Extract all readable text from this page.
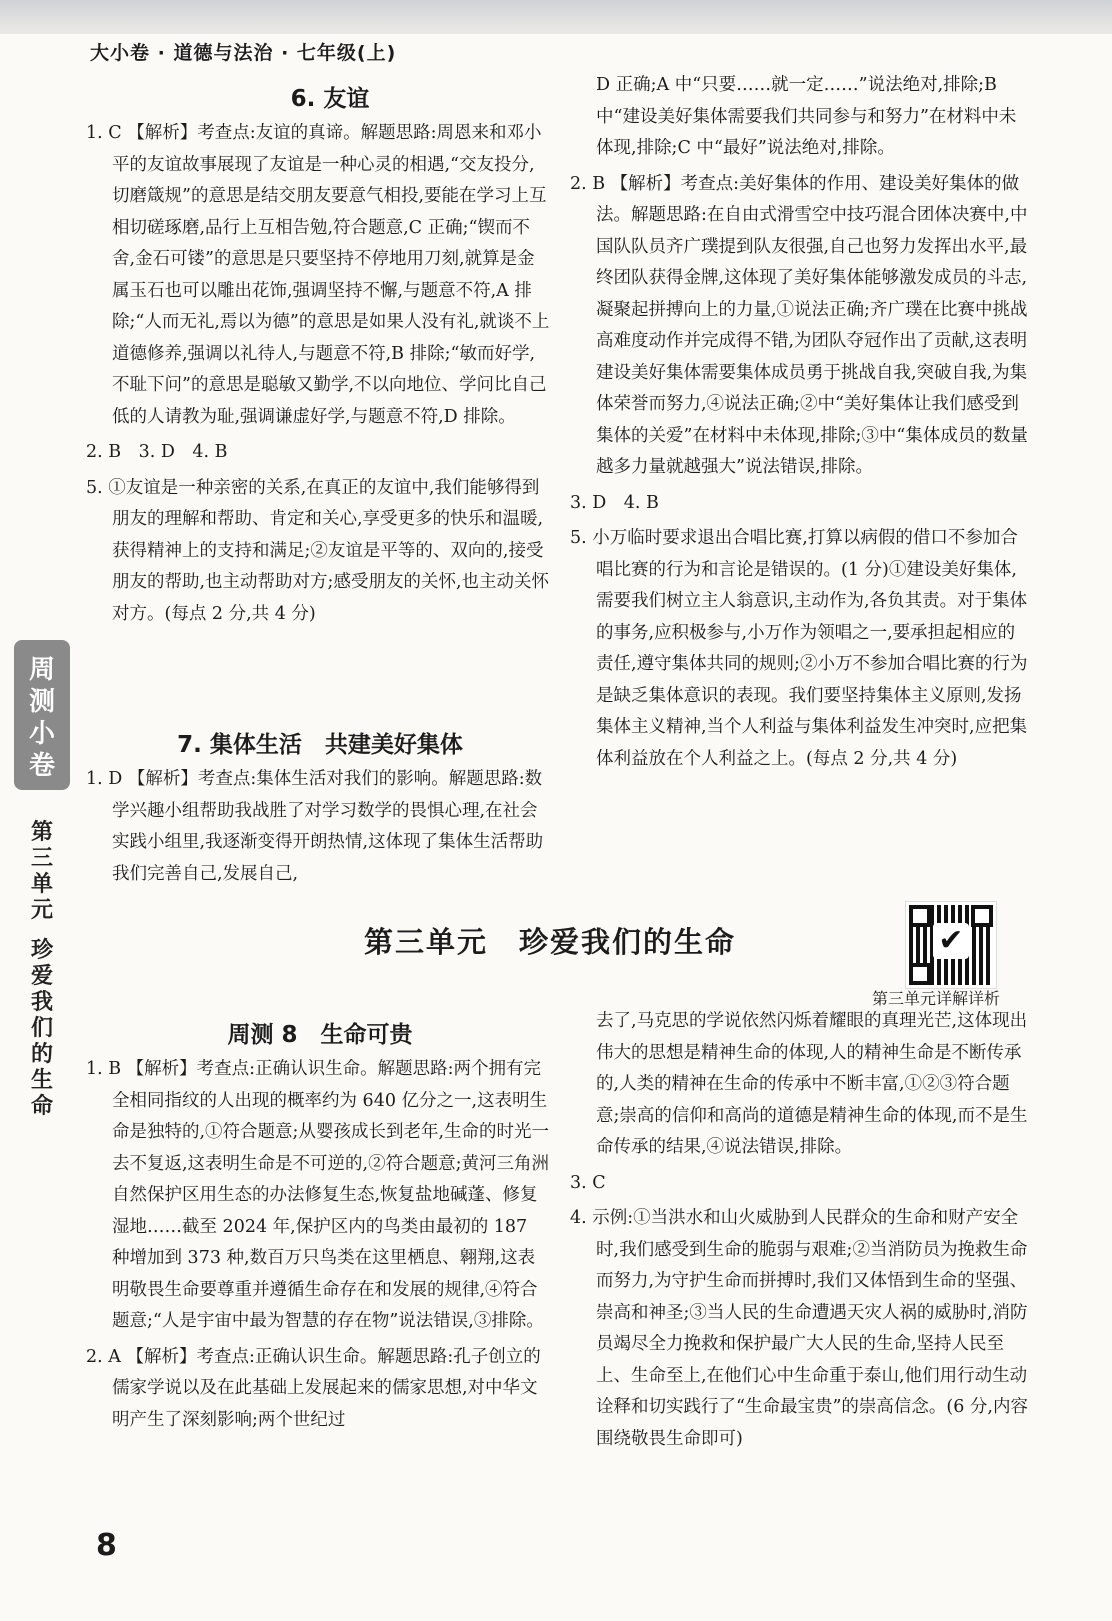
大小卷 · 道德与法治 · 七年级(上)
6. 友谊

1. C 【解析】考查点:友谊的真谛。解题思路:周恩来和邓小平的友谊故事展现了友谊是一种心灵的相遇,“交友投分,切磨箴规”的意思是结交朋友要意气相投,要能在学习上互相切磋琢磨,品行上互相告勉,符合题意,C 正确;“锲而不舍,金石可镂”的意思是只要坚持不停地用刀刻,就算是金属玉石也可以雕出花饰,强调坚持不懈,与题意不符,A 排除;“人而无礼,焉以为德”的意思是如果人没有礼,就谈不上道德修养,强调以礼待人,与题意不符,B 排除;“敏而好学,不耻下问”的意思是聪敏又勤学,不以向地位、学问比自己低的人请教为耻,强调谦虚好学,与题意不符,D 排除。

2. B　3. D　4. B

5. ①友谊是一种亲密的关系,在真正的友谊中,我们能够得到朋友的理解和帮助、肯定和关心,享受更多的快乐和温暖,获得精神上的支持和满足;②友谊是平等的、双向的,接受朋友的帮助,也主动帮助对方;感受朋友的关怀,也主动关怀对方。(每点 2 分,共 4 分)

7. 集体生活　共建美好集体

1. D 【解析】考查点:集体生活对我们的影响。解题思路:数学兴趣小组帮助我战胜了对学习数学的畏惧心理,在社会实践小组里,我逐渐变得开朗热情,这体现了集体生活帮助我们完善自己,发展自己,

D 正确;A 中“只要……就一定……”说法绝对,排除;B 中“建设美好集体需要我们共同参与和努力”在材料中未体现,排除;C 中“最好”说法绝对,排除。

2. B 【解析】考查点:美好集体的作用、建设美好集体的做法。解题思路:在自由式滑雪空中技巧混合团体决赛中,中国队队员齐广璞提到队友很强,自己也努力发挥出水平,最终团队获得金牌,这体现了美好集体能够激发成员的斗志,凝聚起拼搏向上的力量,①说法正确;齐广璞在比赛中挑战高难度动作并完成得不错,为团队夺冠作出了贡献,这表明建设美好集体需要集体成员勇于挑战自我,突破自我,为集体荣誉而努力,④说法正确;②中“美好集体让我们感受到集体的关爱”在材料中未体现,排除;③中“集体成员的数量越多力量就越强大”说法错误,排除。

3. D　4. B

5. 小万临时要求退出合唱比赛,打算以病假的借口不参加合唱比赛的行为和言论是错误的。(1 分)①建设美好集体,需要我们树立主人翁意识,主动作为,各负其责。对于集体的事务,应积极参与,小万作为领唱之一,要承担起相应的责任,遵守集体共同的规则;②小万不参加合唱比赛的行为是缺乏集体意识的表现。我们要坚持集体主义原则,发扬集体主义精神,当个人利益与集体利益发生冲突时,应把集体利益放在个人利益之上。(每点 2 分,共 4 分)

周测小卷
第三单元
珍爱我们的生命
第三单元　珍爱我们的生命	✔
第三单元详解详析
周测 8　生命可贵

1. B 【解析】考查点:正确认识生命。解题思路:两个拥有完全相同指纹的人出现的概率约为 640 亿分之一,这表明生命是独特的,①符合题意;从婴孩成长到老年,生命的时光一去不复返,这表明生命是不可逆的,②符合题意;黄河三角洲自然保护区用生态的办法修复生态,恢复盐地碱蓬、修复湿地……截至 2024 年,保护区内的鸟类由最初的 187 种增加到 373 种,数百万只鸟类在这里栖息、翱翔,这表明敬畏生命要尊重并遵循生命存在和发展的规律,④符合题意;“人是宇宙中最为智慧的存在物”说法错误,③排除。

2. A 【解析】考查点:正确认识生命。解题思路:孔子创立的儒家学说以及在此基础上发展起来的儒家思想,对中华文明产生了深刻影响;两个世纪过

去了,马克思的学说依然闪烁着耀眼的真理光芒,这体现出伟大的思想是精神生命的体现,人的精神生命是不断传承的,人类的精神在生命的传承中不断丰富,①②③符合题意;崇高的信仰和高尚的道德是精神生命的体现,而不是生命传承的结果,④说法错误,排除。

3. C

4. 示例:①当洪水和山火威胁到人民群众的生命和财产安全时,我们感受到生命的脆弱与艰难;②当消防员为挽救生命而努力,为守护生命而拼搏时,我们又体悟到生命的坚强、崇高和神圣;③当人民的生命遭遇天灾人祸的威胁时,消防员竭尽全力挽救和保护最广大人民的生命,坚持人民至上、生命至上,在他们心中生命重于泰山,他们用行动生动诠释和切实践行了“生命最宝贵”的崇高信念。(6 分,内容围绕敬畏生命即可)

8
